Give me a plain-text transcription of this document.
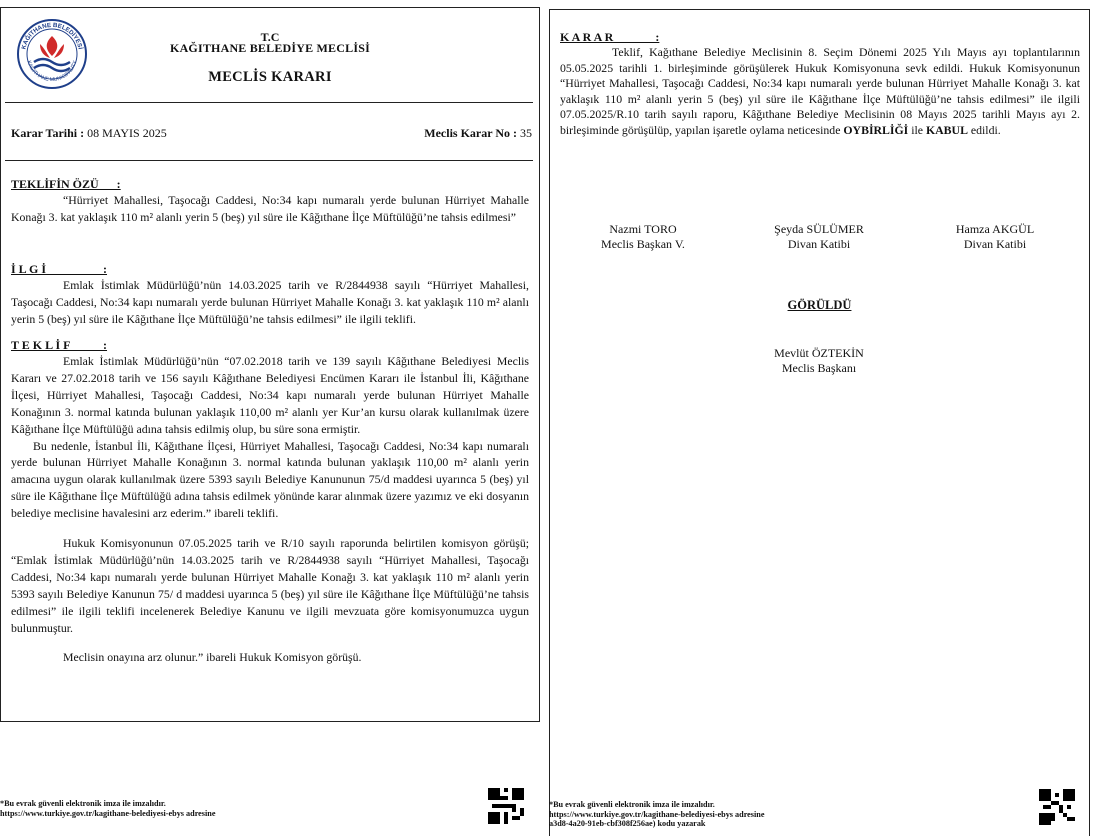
KAĞITHANE BELEDİYESİ
KAGITHANE MUNICIPALITY
T.C
KAĞITHANE BELEDİYE MECLİSİ
MECLİS KARARI
Karar Tarihi : 08 MAYIS 2025	Meclis Karar No : 35
TEKLİFİN ÖZÜ      :
“Hürriyet Mahallesi, Taşocağı Caddesi, No:34 kapı numaralı yerde bulunan Hürriyet Mahalle Konağı 3. kat yaklaşık 110 m² alanlı yerin 5 (beş) yıl süre ile Kâğıthane İlçe Müftülüğü’ne tahsis edilmesi”
İ L G İ                   :
Emlak İstimlak Müdürlüğü’nün 14.03.2025 tarih ve R/2844938 sayılı “Hürriyet Mahallesi, Taşocağı Caddesi, No:34 kapı numaralı yerde bulunan Hürriyet Mahalle Konağı 3. kat yaklaşık 110 m² alanlı yerin 5 (beş) yıl süre ile Kâğıthane İlçe Müftülüğü’ne tahsis edilmesi” ile ilgili teklifi.
T E K L İ F           :
Emlak İstimlak Müdürlüğü’nün “07.02.2018 tarih ve 139 sayılı Kâğıthane Belediyesi Meclis Kararı ve 27.02.2018 tarih ve 156 sayılı Kâğıthane Belediyesi Encümen Kararı ile İstanbul İli, Kâğıthane İlçesi, Hürriyet Mahallesi, Taşocağı Caddesi, No:34 kapı numaralı yerde bulunan Hürriyet Mahalle Konağının 3. normal katında bulunan yaklaşık 110,00 m² alanlı yer Kur’an kursu olarak kullanılmak üzere Kâğıthane İlçe Müftülüğü adına tahsis edilmiş olup, bu süre sona ermiştir.
Bu nedenle, İstanbul İli, Kâğıthane İlçesi, Hürriyet Mahallesi, Taşocağı Caddesi, No:34 kapı numaralı yerde bulunan Hürriyet Mahalle Konağının 3. normal katında bulunan yaklaşık 110,00 m² alanlı yerin amacına uygun olarak kullanılmak üzere 5393 sayılı Belediye Kanununun 75/d maddesi uyarınca 5 (beş) yıl süre ile Kâğıthane İlçe Müftülüğü adına tahsis edilmek yönünde karar alınmak üzere yazımız ve eki dosyanın belediye meclisine havalesini arz ederim.” ibareli teklifi.
Hukuk Komisyonunun 07.05.2025 tarih ve R/10 sayılı raporunda belirtilen komisyon görüşü; “Emlak İstimlak Müdürlüğü’nün 14.03.2025 tarih ve R/2844938 sayılı “Hürriyet Mahallesi, Taşocağı Caddesi, No:34 kapı numaralı yerde bulunan Hürriyet Mahalle Konağı 3. kat yaklaşık 110 m² alanlı yerin 5393 sayılı Belediye Kanunun 75/ d maddesi uyarınca 5 (beş) yıl süre ile Kâğıthane İlçe Müftülüğü’ne tahsis edilmesi” ile ilgili teklifi incelenerek Belediye Kanunu ve ilgili mevzuata göre komisyonumuzca uygun bulunmuştur.
Meclisin onayına arz olunur.” ibareli Hukuk Komisyon görüşü.
*Bu evrak güvenli elektronik imza ile imzalıdır.
https://www.turkiye.gov.tr/kagithane-belediyesi-ebys adresine
K A R A R              :
Teklif, Kağıthane Belediye Meclisinin 8. Seçim Dönemi 2025 Yılı Mayıs ayı toplantılarının 05.05.2025 tarihli 1. birleşiminde görüşülerek Hukuk Komisyonuna sevk edildi. Hukuk Komisyonunun “Hürriyet Mahallesi, Taşocağı Caddesi, No:34 kapı numaralı yerde bulunan Hürriyet Mahalle Konağı 3. kat yaklaşık 110 m² alanlı yerin 5 (beş) yıl süre ile Kâğıthane İlçe Müftülüğü’ne tahsis edilmesi” ile ilgili 07.05.2025/R.10 tarih sayılı raporu, Kâğıthane Belediye Meclisinin 08 Mayıs 2025 tarihli Mayıs ayı 2. birleşiminde görüşülüp, yapılan işaretle oylama neticesinde OYBİRLİĞİ ile KABUL edildi.
Nazmi TORO
Meclis Başkan V.
Şeyda SÜLÜMER
Divan Katibi
Hamza AKGÜL
Divan Katibi
GÖRÜLDÜ
Mevlüt ÖZTEKİN
Meclis Başkanı
*Bu evrak güvenli elektronik imza ile imzalıdır.
https://www.turkiye.gov.tr/kagithane-belediyesi-ebys adresine
a3d8-4a20-91eb-cbf308f256ae) kodu yazarak
